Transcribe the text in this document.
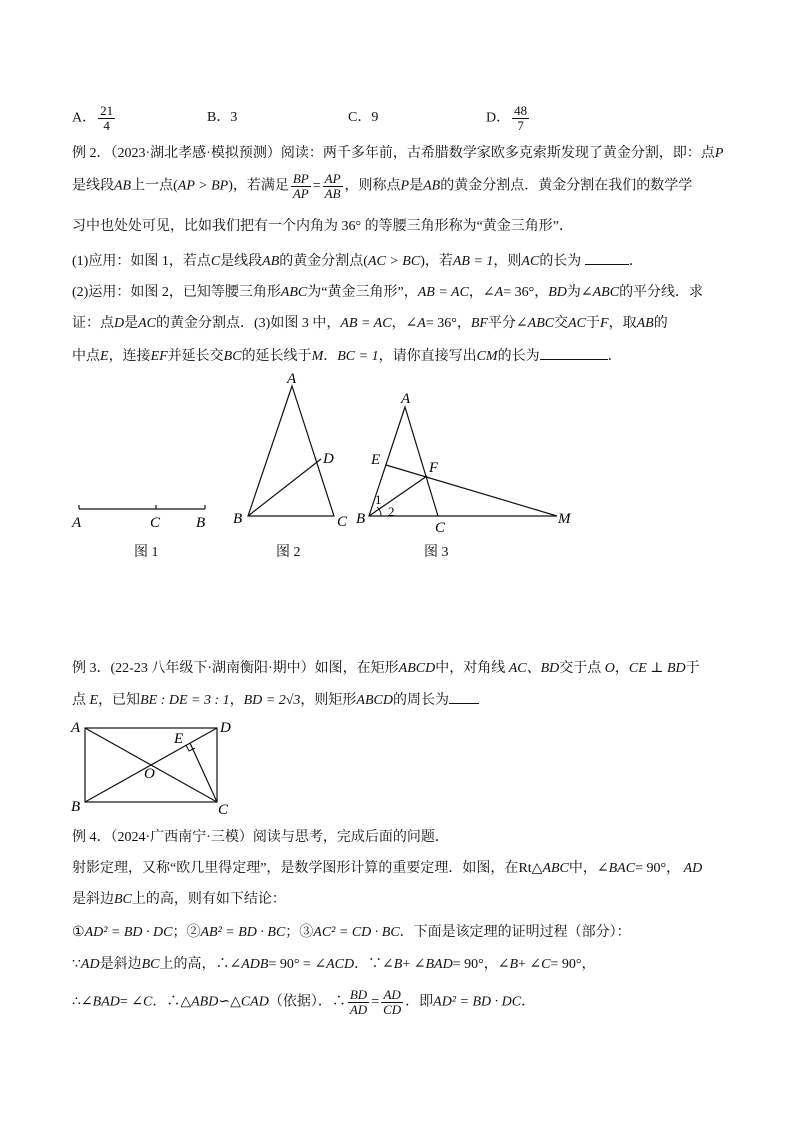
A． $\frac{21}{4}$	B．3	C．9	D． $\frac{48}{7}$
例 2．（2023·湖北孝感·模拟预测）阅读：两千多年前，古希腊数学家欧多克索斯发现了黄金分割，即：点P
是线段AB上一点(AP > BP)，若满足 $\frac{BP}{AP} = \frac{AP}{AB}$ ，则称点P是AB的黄金分割点．黄金分割在我们的数学学
习中也处处可见，比如我们把有一个内角为 36° 的等腰三角形称为“黄金三角形”．
(1)应用：如图 1，若点C是线段AB的黄金分割点(AC > BC)，若AB = 1，则AC的长为	．
(2)运用：如图 2，已知等腰三角形ABC为“黄金三角形”，AB = AC，∠A= 36°，BD为∠ABC的平分线．求
证：点D是AC的黄金分割点．(3)如图 3 中，AB = AC，∠A= 36°，BF平分∠ABC交AC于F，取AB的
中点E，连接EF并延长交BC的延长线于M．BC = 1，请你直接写出CM的长为	．
A	C B
图 1
A
D
B	C
图 2
A
E	F
B
C
M
1
2
图 3
例 3．(22-23 八年级下·湖南衡阳·期中）如图，在矩形ABCD中，对角线 AC、BD交于点 O，CE ⊥ BD于
点 E，已知BE : DE = 3 : 1，BD = 2√3，则矩形ABCD的周长为
A	D
E
O
B	C
例 4．（2024·广西南宁·三模）阅读与思考，完成后面的问题．
射影定理，又称“欧几里得定理”，是数学图形计算的重要定理．如图，在Rt△ABC中，∠BAC= 90°， AD
是斜边BC上的高，则有如下结论：
①AD² = BD · DC；②AB² = BD · BC；③AC² = CD · BC．下面是该定理的证明过程（部分）：
∵AD是斜边BC上的高，∴∠ADB= 90° = ∠ACD．∵∠B+ ∠BAD= 90°，∠B+ ∠C= 90°，
∴∠BAD= ∠C．∴△ABD∽△CAD（依据）．∴ $\frac{BD}{AD} = \frac{AD}{CD}$ ．即AD² = BD · DC．
